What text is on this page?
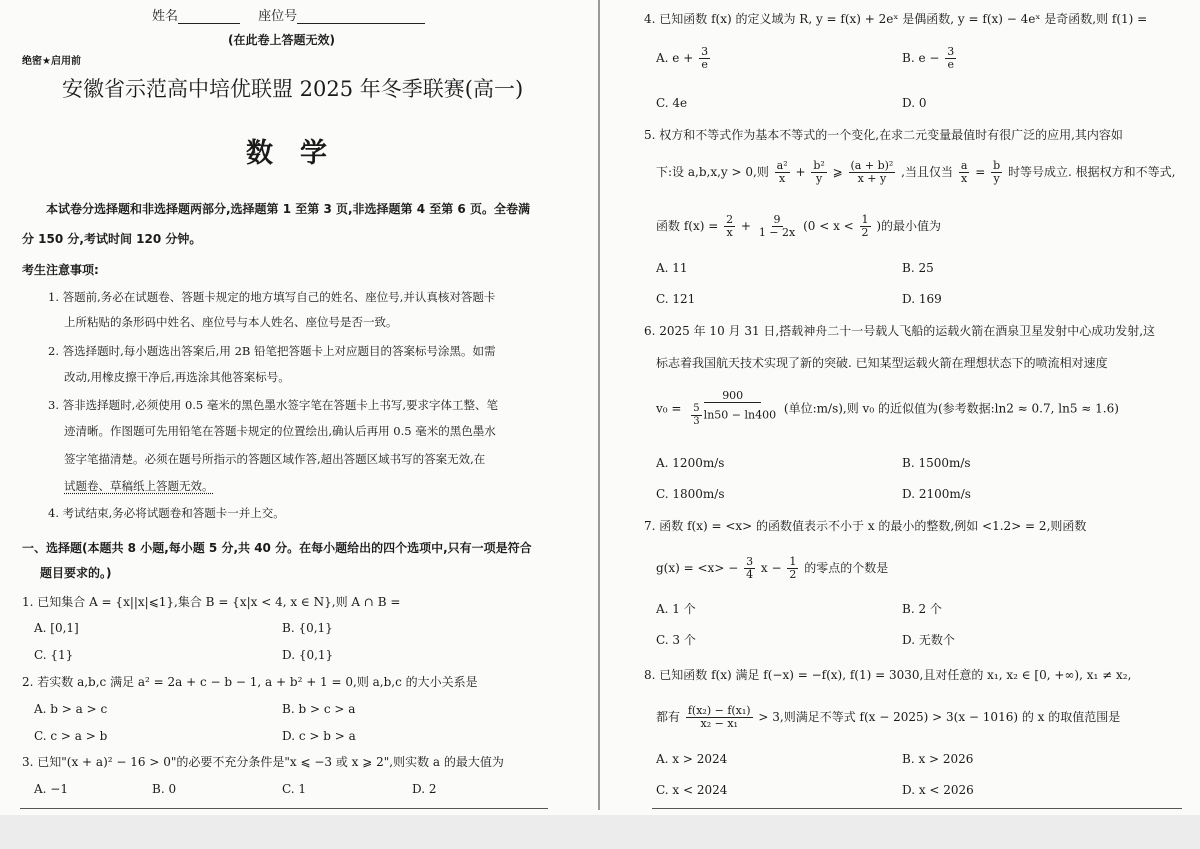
姓名	座位号
(在此卷上答题无效)
绝密★启用前
安徽省示范高中培优联盟 2025 年冬季联赛(高一)
数　学
本试卷分选择题和非选择题两部分,选择题第 1 至第 3 页,非选择题第 4 至第 6 页。全卷满
分 150 分,考试时间 120 分钟。
考生注意事项:
1. 答题前,务必在试题卷、答题卡规定的地方填写自己的姓名、座位号,并认真核对答题卡
上所粘贴的条形码中姓名、座位号与本人姓名、座位号是否一致。
2. 答选择题时,每小题选出答案后,用 2B 铅笔把答题卡上对应题目的答案标号涂黑。如需
改动,用橡皮擦干净后,再选涂其他答案标号。
3. 答非选择题时,必须使用 0.5 毫米的黑色墨水签字笔在答题卡上书写,要求字体工整、笔
迹清晰。作图题可先用铅笔在答题卡规定的位置绘出,确认后再用 0.5 毫米的黑色墨水
签字笔描清楚。必须在题号所指示的答题区域作答,超出答题区域书写的答案无效,在
试题卷、草稿纸上答题无效。
4. 考试结束,务必将试题卷和答题卡一并上交。
一、选择题(本题共 8 小题,每小题 5 分,共 40 分。在每小题给出的四个选项中,只有一项是符合
题目要求的。)
1. 已知集合 A = {x||x|⩽1},集合 B = {x|x < 4, x ∈ N},则 A ∩ B =
A. [0,1]	B. {0,1}
C. {1}	D. {0,1}
2. 若实数 a,b,c 满足 a² = 2a + c − b − 1, a + b² + 1 = 0,则 a,b,c 的大小关系是
A. b > a > c	B. b > c > a
C. c > a > b	D. c > b > a
3. 已知"(x + a)² − 16 > 0"的必要不充分条件是"x ⩽ −3 或 x ⩾ 2",则实数 a 的最大值为
A. −1	B. 0	C. 1	D. 2
4. 已知函数 f(x) 的定义域为 R, y = f(x) + 2eˣ 是偶函数, y = f(x) − 4eˣ 是奇函数,则 f(1) =
A. $e + \frac{3}{e}$	B. $e - \frac{3}{e}$
C. 4e	D. 0
5. 权方和不等式作为基本不等式的一个变化,在求二元变量最值时有很广泛的应用,其内容如
下:设 a,b,x,y > 0,则 $\frac{\text{a²}}{x} + \frac{\text{b²}}{y}$ ⩾ $\frac{\text{(a + b)²}}{x + y}$ ,当且仅当 $\frac{a}{x} = \frac{b}{y}$ 时等号成立. 根据权方和不等式,
函数 $f(x) = \frac{2}{x} + \frac{9}{1 - 2x} (0 < x < \frac{1}{2}$ )的最小值为
A. 11	B. 25
C. 121	D. 169
6. 2025 年 10 月 31 日,搭载神舟二十一号载人飞船的运载火箭在酒泉卫星发射中心成功发射,这
标志着我国航天技术实现了新的突破. 已知某型运载火箭在理想状态下的喷流相对速度
$v_0 = \frac{900}{\frac{5}{3} \ln 50 - \ln 400}$ (单位:m/s),则 v₀ 的近似值为(参考数据:ln2 ≈ 0.7, ln5 ≈ 1.6)
A. 1200m/s	B. 1500m/s
C. 1800m/s	D. 2100m/s
7. 函数 f(x) = <x> 的函数值表示不小于 x 的最小的整数,例如 <1.2> = 2,则函数
$g(x) = <x> - \frac{3}{4}$ $x - \frac{1}{2}$ 的零点的个数是
A. 1 个	B. 2 个
C. 3 个	D. 无数个
8. 已知函数 f(x) 满足 f(−x) = −f(x), f(1) = 3030,且对任意的 x₁, x₂ ∈ [0, +∞), x₁ ≠ x₂,
都有 $\frac{\text{f(x₂) − f(x₁)}}{\text{x₂ − x₁}} > 3$,则满足不等式 f(x − 2025) > 3(x − 1016) 的 x 的取值范围是
A. x > 2024	B. x > 2026
C. x < 2024	D. x < 2026
